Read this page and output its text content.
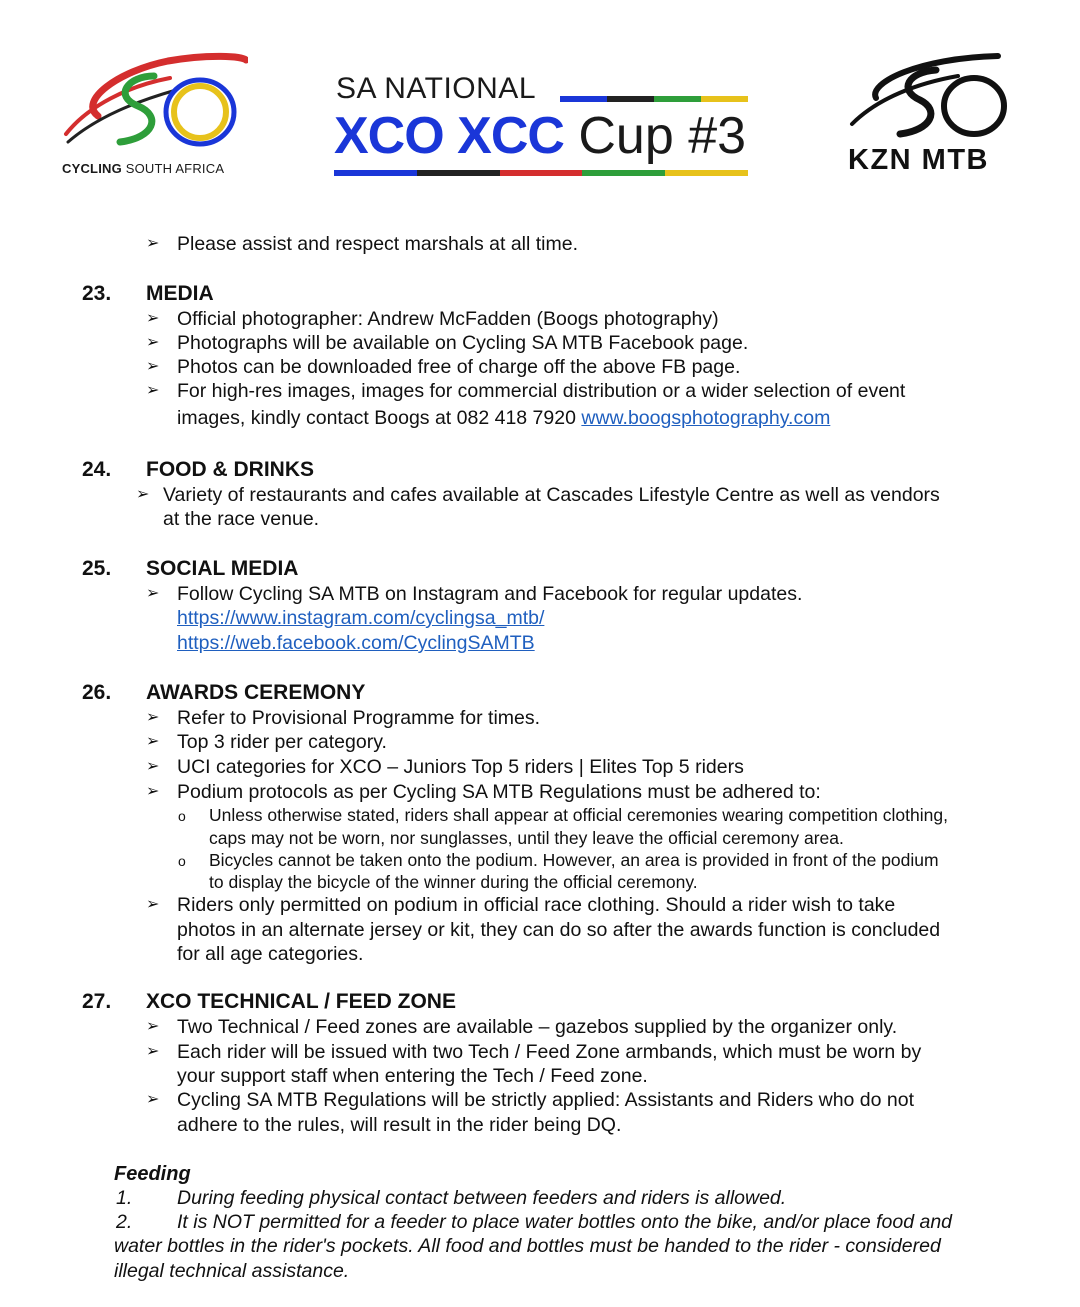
CYCLING SOUTH AFRICA
SA NATIONAL
XCO XCC Cup #3	KZN MTB
➢ Please assist and respect marshals at all time.
23. MEDIA
➢ Official photographer: Andrew McFadden (Boogs photography)
➢ Photographs will be available on Cycling SA MTB Facebook page.
➢ Photos can be downloaded free of charge off the above FB page.
➢ For high-res images, images for commercial distribution or a wider selection of event
images, kindly contact Boogs at 082 418 7920 www.boogsphotography.com
24. FOOD & DRINKS
➢ Variety of restaurants and cafes available at Cascades Lifestyle Centre as well as vendors
at the race venue.
25. SOCIAL MEDIA
➢ Follow Cycling SA MTB on Instagram and Facebook for regular updates.
https://www.instagram.com/cyclingsa_mtb/
https://web.facebook.com/CyclingSAMTB
26. AWARDS CEREMONY
➢ Refer to Provisional Programme for times.
➢ Top 3 rider per category.
➢ UCI categories for XCO – Juniors Top 5 riders | Elites Top 5 riders
➢ Podium protocols as per Cycling SA MTB Regulations must be adhered to:
o Unless otherwise stated, riders shall appear at official ceremonies wearing competition clothing,
caps may not be worn, nor sunglasses, until they leave the official ceremony area.
o Bicycles cannot be taken onto the podium. However, an area is provided in front of the podium
to display the bicycle of the winner during the official ceremony.
➢ Riders only permitted on podium in official race clothing. Should a rider wish to take
photos in an alternate jersey or kit, they can do so after the awards function is concluded
for all age categories.
27. XCO TECHNICAL / FEED ZONE
➢ Two Technical / Feed zones are available – gazebos supplied by the organizer only.
➢ Each rider will be issued with two Tech / Feed Zone armbands, which must be worn by
your support staff when entering the Tech / Feed zone.
➢ Cycling SA MTB Regulations will be strictly applied: Assistants and Riders who do not
adhere to the rules, will result in the rider being DQ.
Feeding
1. During feeding physical contact between feeders and riders is allowed.
2. It is NOT permitted for a feeder to place water bottles onto the bike, and/or place food and
water bottles in the rider's pockets. All food and bottles must be handed to the rider - considered
illegal technical assistance.
